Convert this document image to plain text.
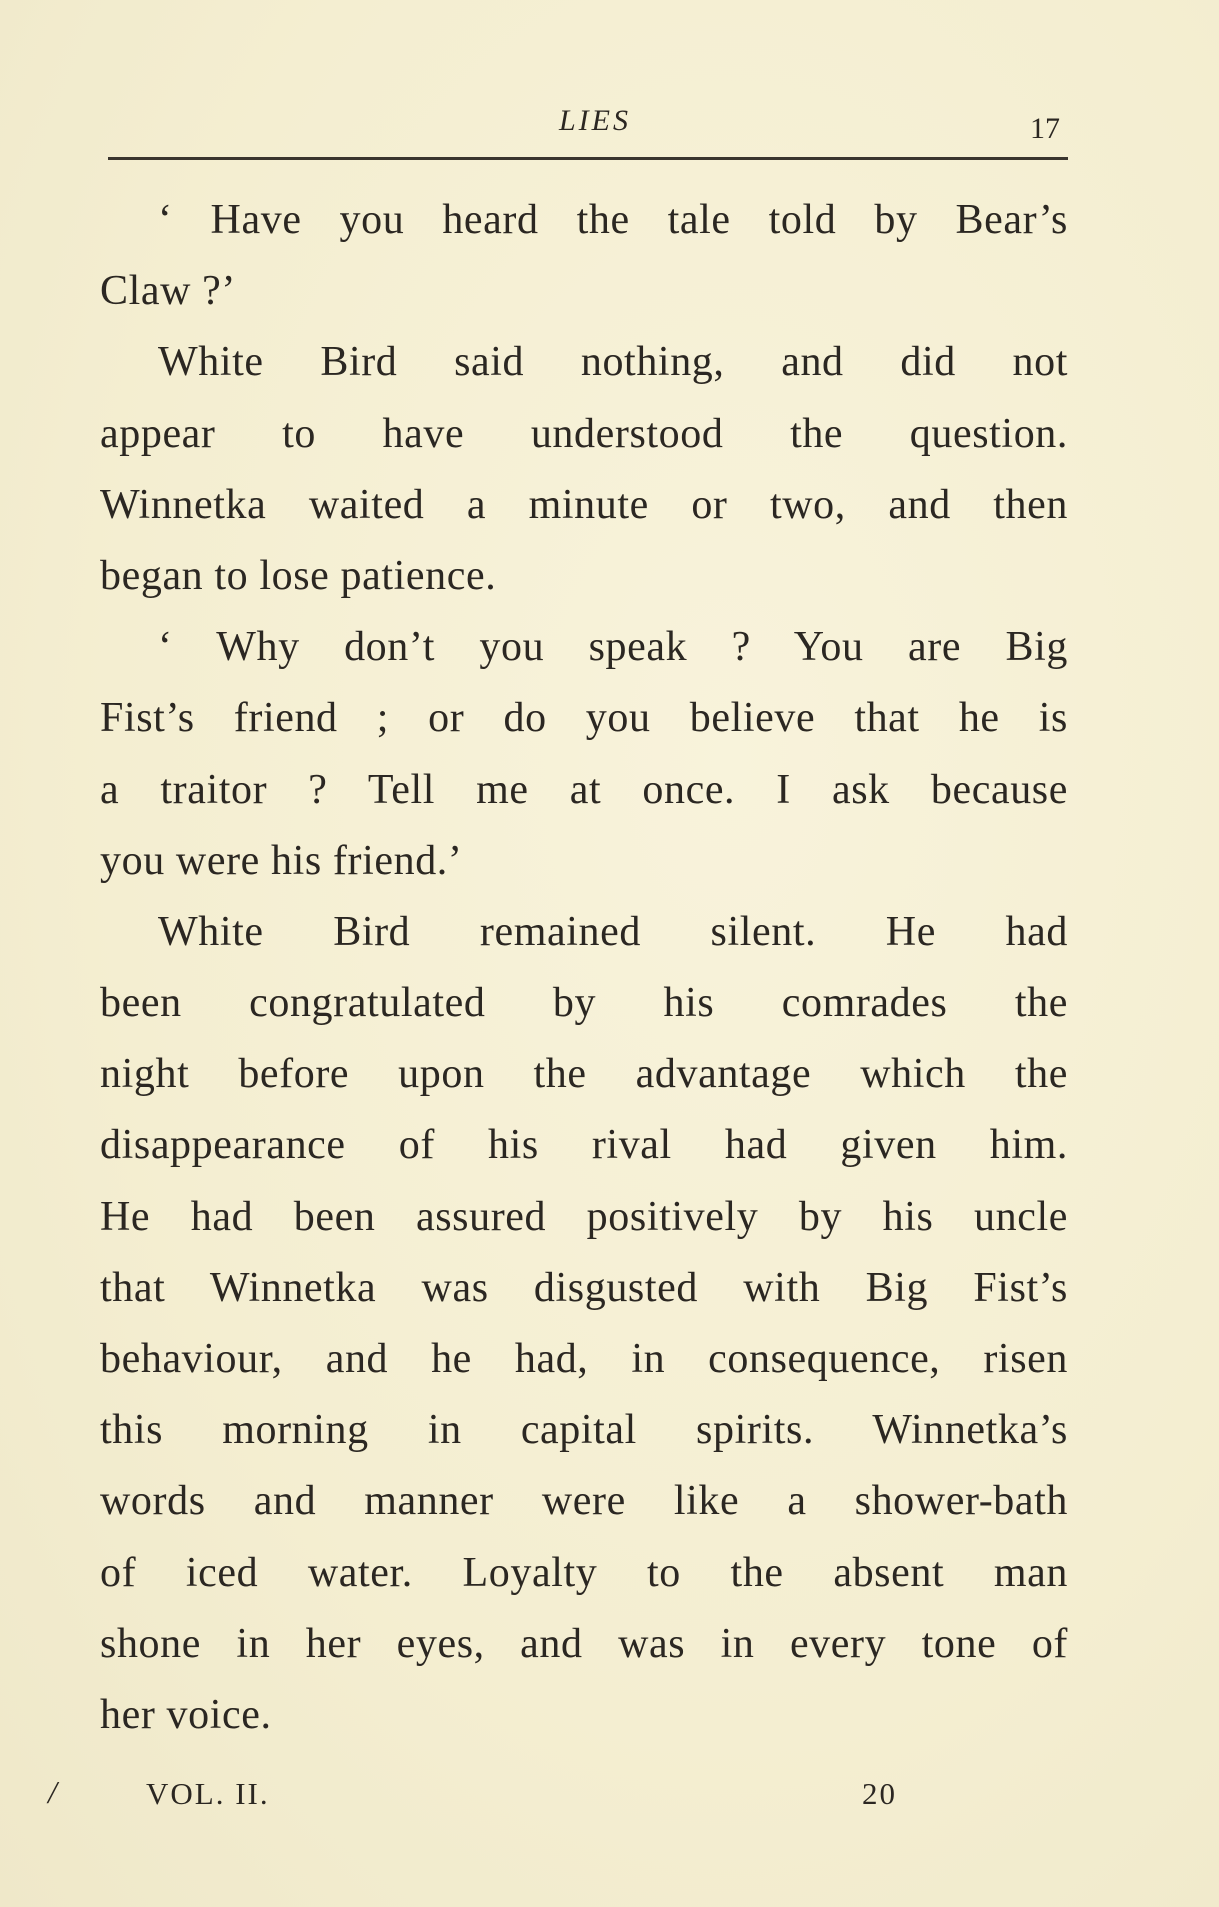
LIES	17
‘ Have you heard the tale told by Bear’s
Claw ?’
White Bird said nothing, and did not
appear to have understood the question.
Winnetka waited a minute or two, and then
began to lose patience.
‘ Why don’t you speak ? You are Big
Fist’s friend ; or do you believe that he is
a traitor ? Tell me at once. I ask because
you were his friend.’
White Bird remained silent. He had
been congratulated by his comrades the
night before upon the advantage which the
disappearance of his rival had given him.
He had been assured positively by his uncle
that Winnetka was disgusted with Big Fist’s
behaviour, and he had, in consequence, risen
this morning in capital spirits. Winnetka’s
words and manner were like a shower-bath
of iced water. Loyalty to the absent man
shone in her eyes, and was in every tone of
her voice.
/	VOL. II.	20
